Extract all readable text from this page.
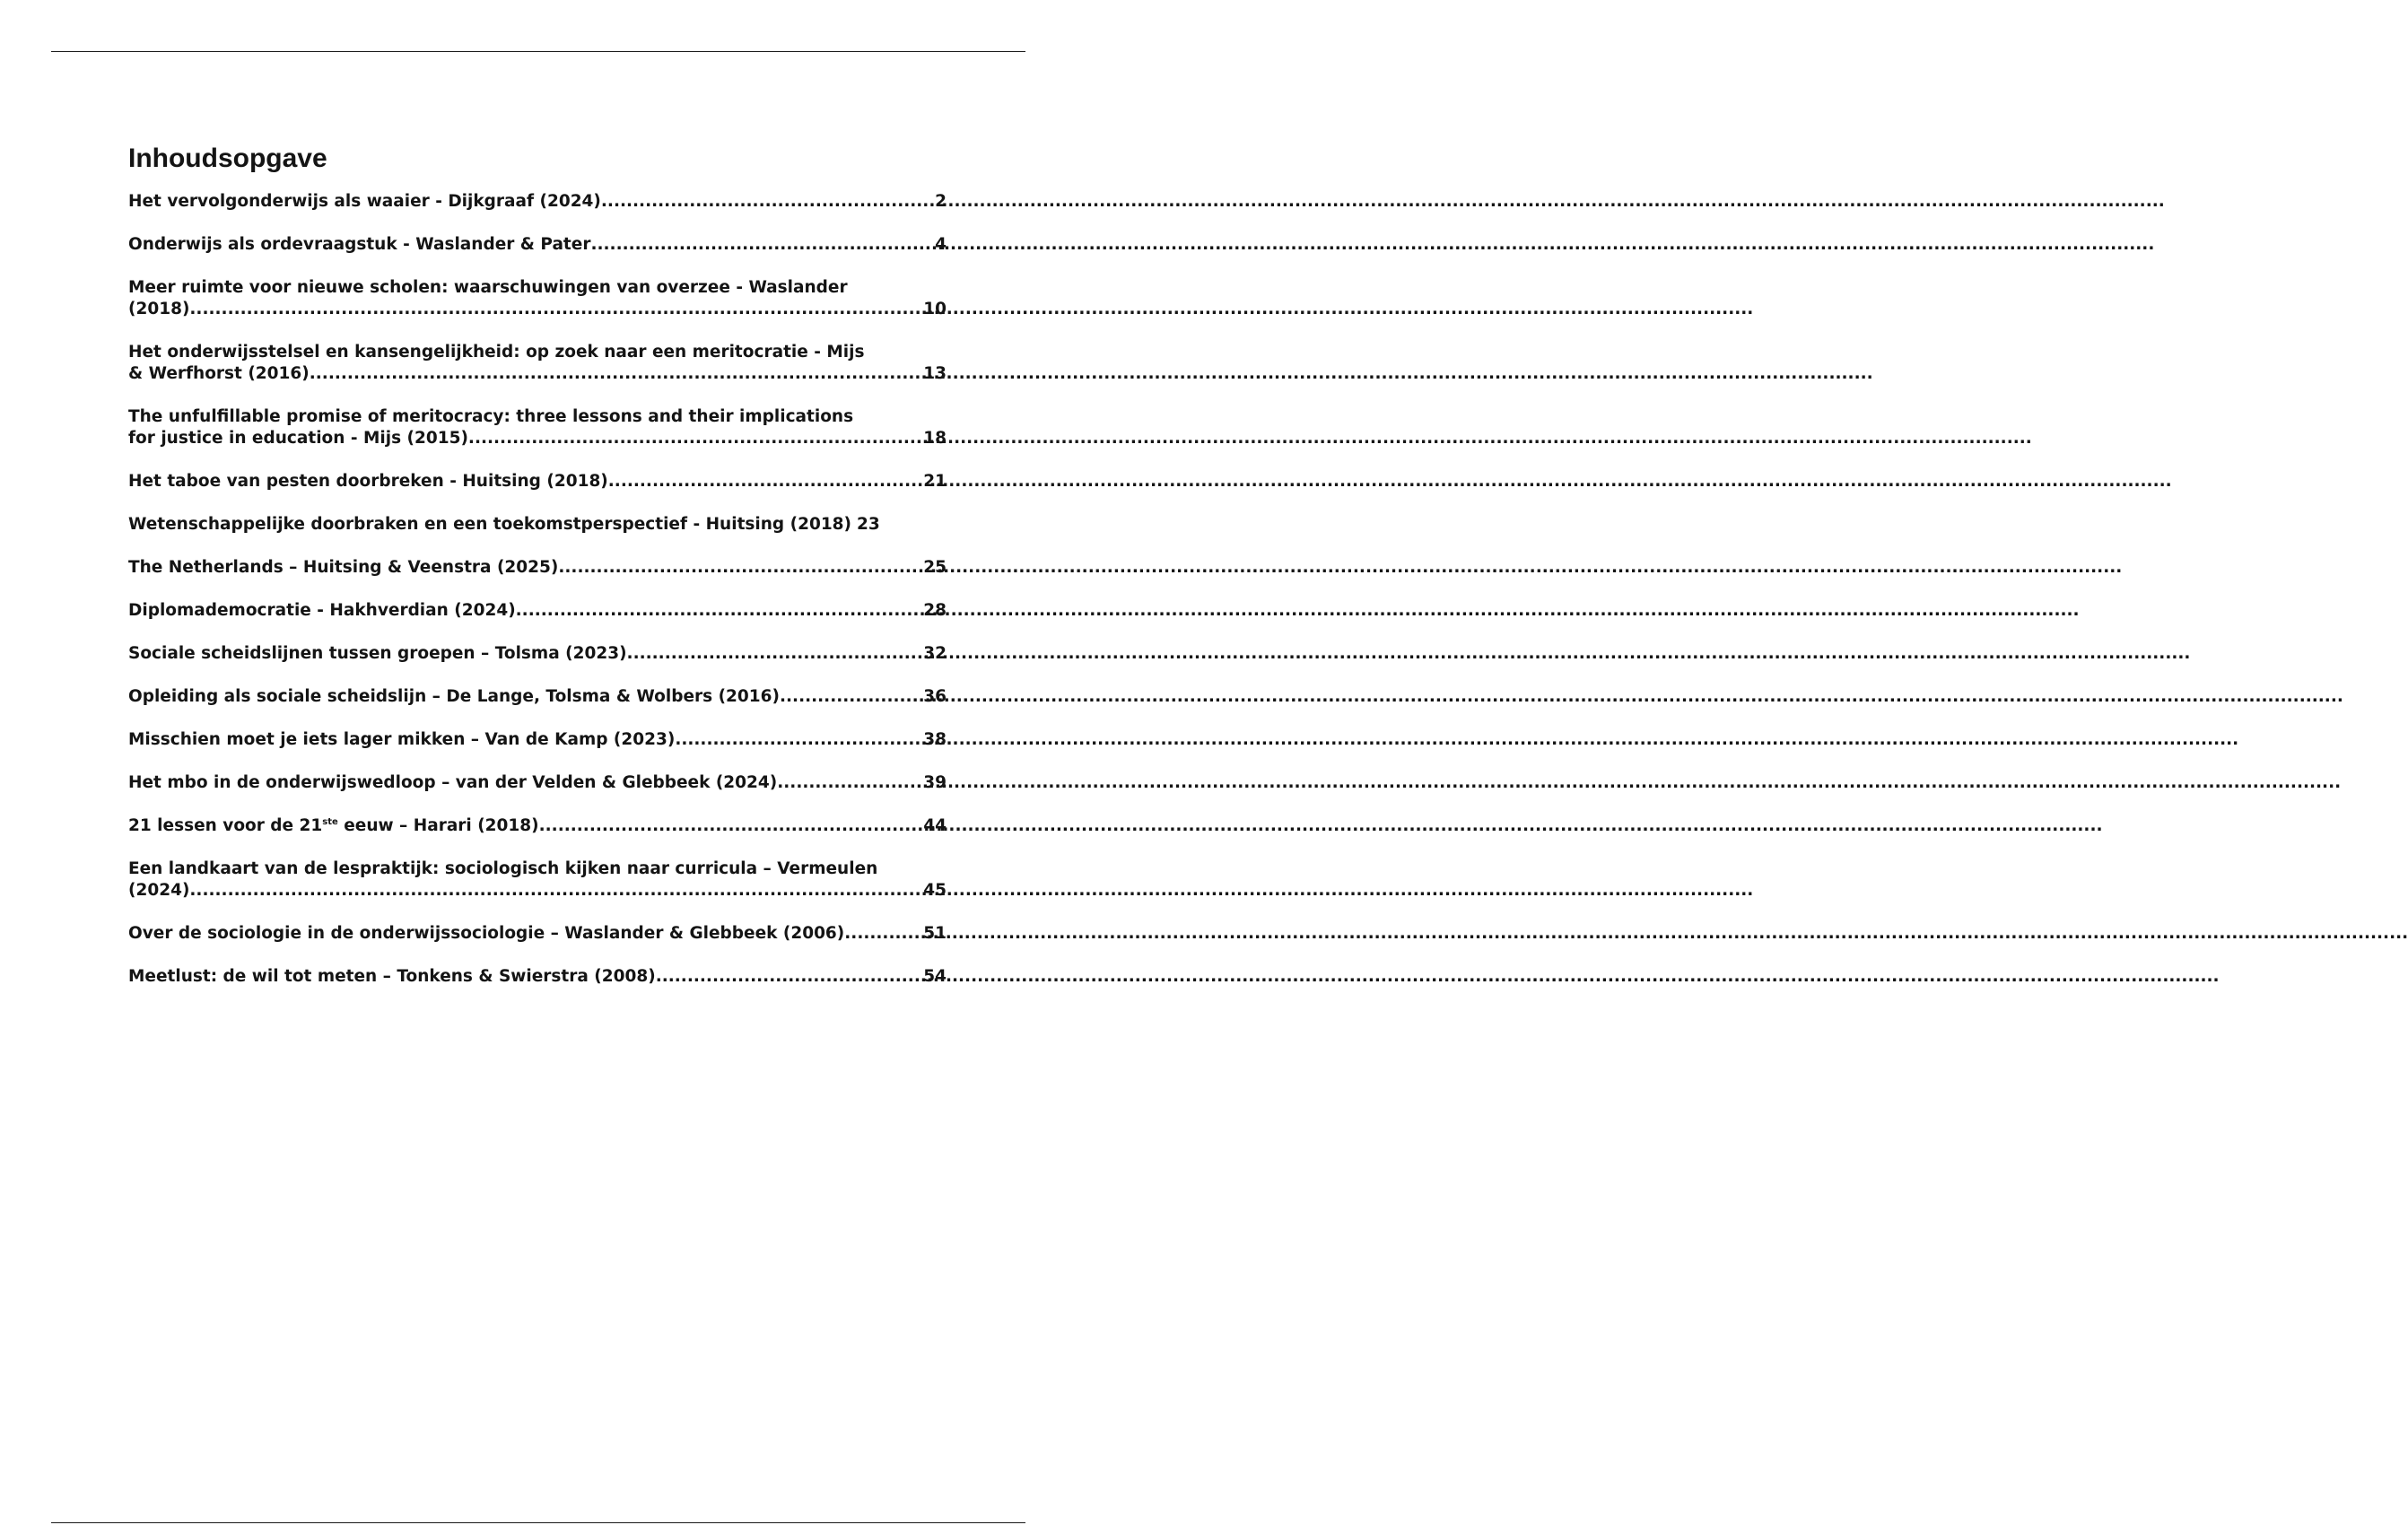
Inhoudsopgave
Het vervolgonderwijs als waaier - Dijkgraaf (2024) .....	2
Onderwijs als ordevraagstuk - Waslander & Pater .....	4
Meer ruimte voor nieuwe scholen: waarschuwingen van overzee - Waslander
(2018) .....	10
Het onderwijsstelsel en kansengelijkheid: op zoek naar een meritocratie - Mijs
& Werfhorst (2016) .....	13
The unfulfillable promise of meritocracy: three lessons and their implications
for justice in education - Mijs (2015) .....	18
Het taboe van pesten doorbreken - Huitsing (2018) .....	21
Wetenschappelijke doorbraken en een toekomstperspectief - Huitsing (2018) 23
The Netherlands – Huitsing & Veenstra (2025) .....	25
Diplomademocratie - Hakhverdian (2024) .....	28
Sociale scheidslijnen tussen groepen – Tolsma (2023) .....	32
Opleiding als sociale scheidslijn – De Lange, Tolsma & Wolbers (2016) .....	36
Misschien moet je iets lager mikken – Van de Kamp (2023) .....	38
Het mbo in de onderwijswedloop – van der Velden & Glebbeek (2024) .....	39
21 lessen voor de 21ste eeuw – Harari (2018) .....	44
Een landkaart van de lespraktijk: sociologisch kijken naar curricula – Vermeulen
(2024) .....	45
Over de sociologie in de onderwijssociologie – Waslander & Glebbeek (2006) .....	51
Meetlust: de wil tot meten – Tonkens & Swierstra (2008) .....	54
